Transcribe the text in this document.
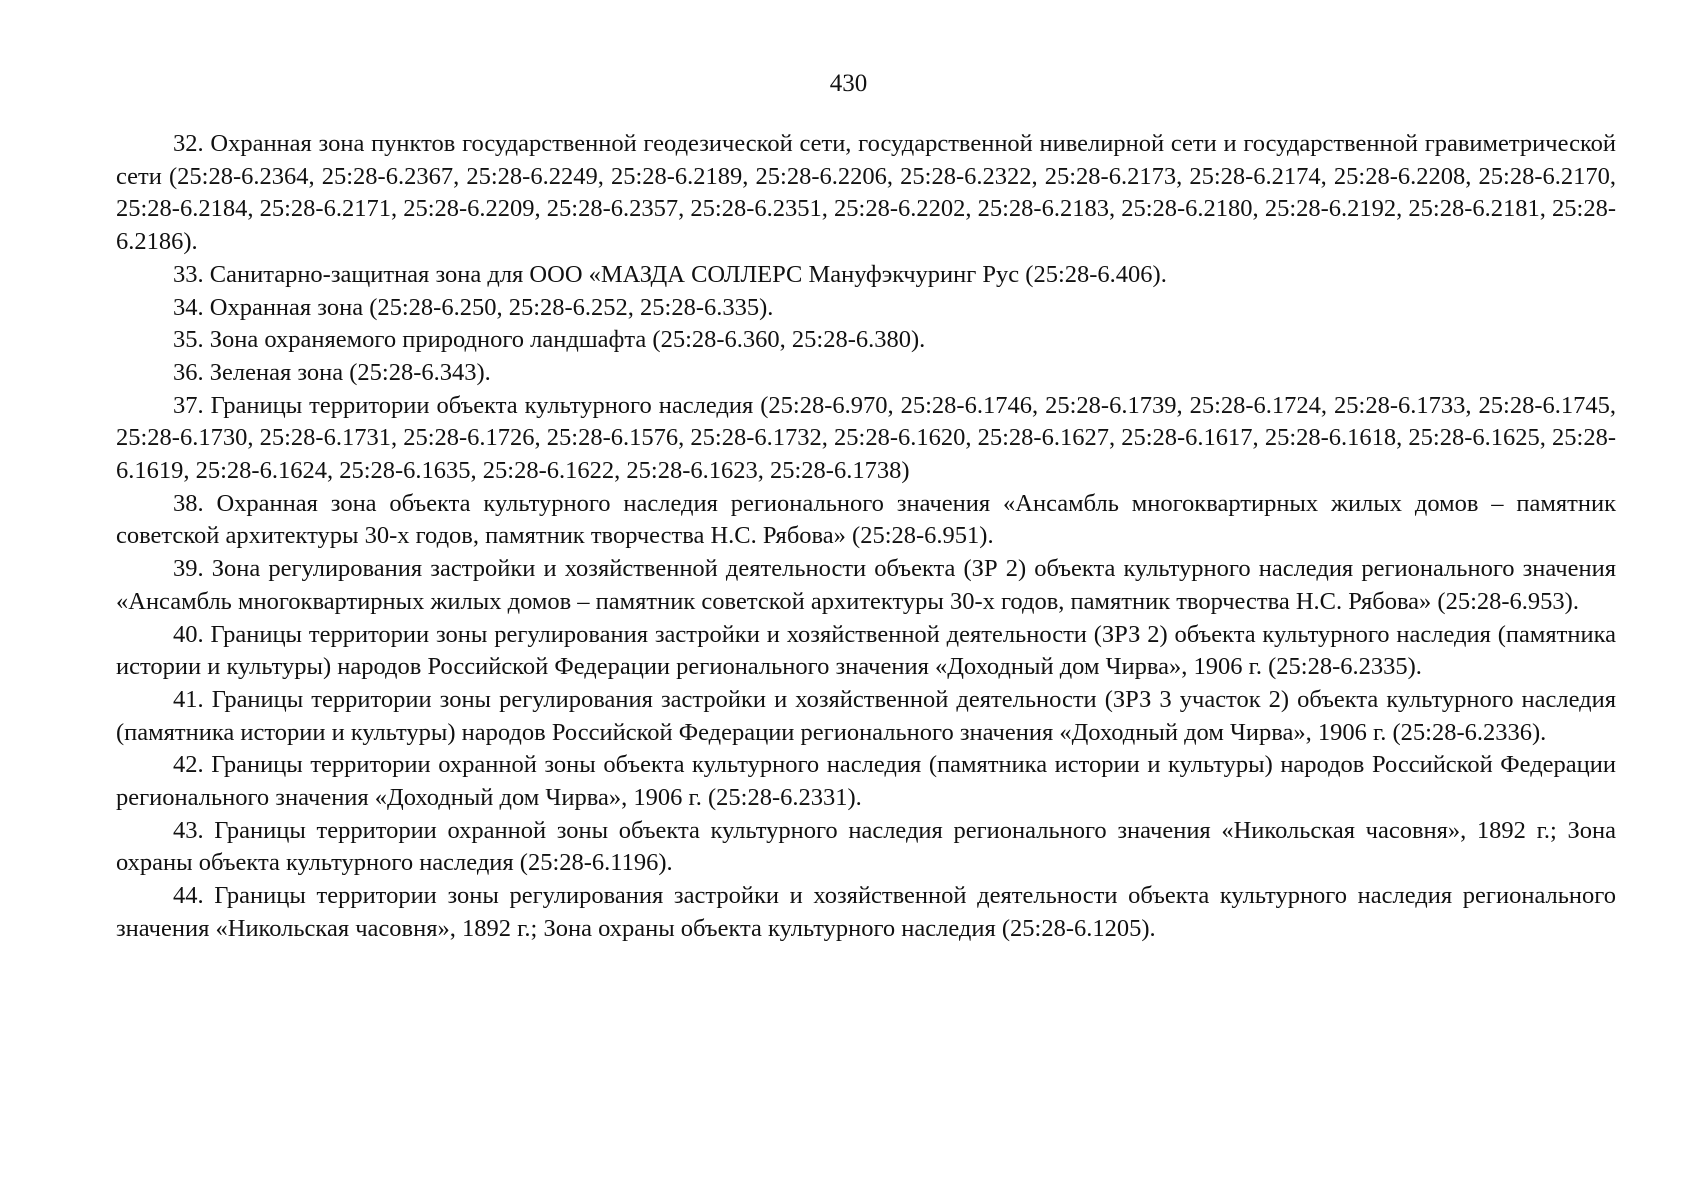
430

32. Охранная зона пунктов государственной геодезической сети, государственной нивелирной сети и государственной гравиметрической сети (25:28-6.2364, 25:28-6.2367, 25:28-6.2249, 25:28-6.2189, 25:28-6.2206, 25:28-6.2322, 25:28-6.2173, 25:28-6.2174, 25:28-6.2208, 25:28-6.2170, 25:28-6.2184, 25:28-6.2171, 25:28-6.2209, 25:28-6.2357, 25:28-6.2351, 25:28-6.2202, 25:28-6.2183, 25:28-6.2180, 25:28-6.2192, 25:28-6.2181, 25:28-6.2186).

33. Санитарно-защитная зона для ООО «МАЗДА СОЛЛЕРС Мануфэкчуринг Рус (25:28-6.406).

34. Охранная зона (25:28-6.250, 25:28-6.252, 25:28-6.335).

35. Зона охраняемого природного ландшафта (25:28-6.360, 25:28-6.380).

36. Зеленая зона (25:28-6.343).

37. Границы территории объекта культурного наследия (25:28-6.970, 25:28-6.1746, 25:28-6.1739, 25:28-6.1724, 25:28-6.1733, 25:28-6.1745, 25:28-6.1730, 25:28-6.1731, 25:28-6.1726, 25:28-6.1576, 25:28-6.1732, 25:28-6.1620, 25:28-6.1627, 25:28-6.1617, 25:28-6.1618, 25:28-6.1625, 25:28-6.1619, 25:28-6.1624, 25:28-6.1635, 25:28-6.1622, 25:28-6.1623, 25:28-6.1738)

38. Охранная зона объекта культурного наследия регионального значения «Ансамбль многоквартирных жилых домов – памятник советской архитектуры 30-х годов, памятник творчества Н.С. Рябова» (25:28-6.951).

39. Зона регулирования застройки и хозяйственной деятельности объекта (ЗР 2) объекта культурного наследия регионального значения «Ансамбль многоквартирных жилых домов – памятник советской архитектуры 30-х годов, памятник творчества Н.С. Рябова» (25:28-6.953).

40. Границы территории зоны регулирования застройки и хозяйственной деятельности (ЗРЗ 2) объекта культурного наследия (памятника истории и культуры) народов Российской Федерации регионального значения «Доходный дом Чирва», 1906 г. (25:28-6.2335).

41. Границы территории зоны регулирования застройки и хозяйственной деятельности (ЗРЗ 3 участок 2) объекта культурного наследия (памятника истории и культуры) народов Российской Федерации регионального значения «Доходный дом Чирва», 1906 г. (25:28-6.2336).

42. Границы территории охранной зоны объекта культурного наследия (памятника истории и культуры) народов Российской Федерации регионального значения «Доходный дом Чирва», 1906 г. (25:28-6.2331).

43. Границы территории охранной зоны объекта культурного наследия регионального значения «Никольская часовня», 1892 г.; Зона охраны объекта культурного наследия (25:28-6.1196).

44. Границы территории зоны регулирования застройки и хозяйственной деятельности объекта культурного наследия регионального значения «Никольская часовня», 1892 г.; Зона охраны объекта культурного наследия (25:28-6.1205).
